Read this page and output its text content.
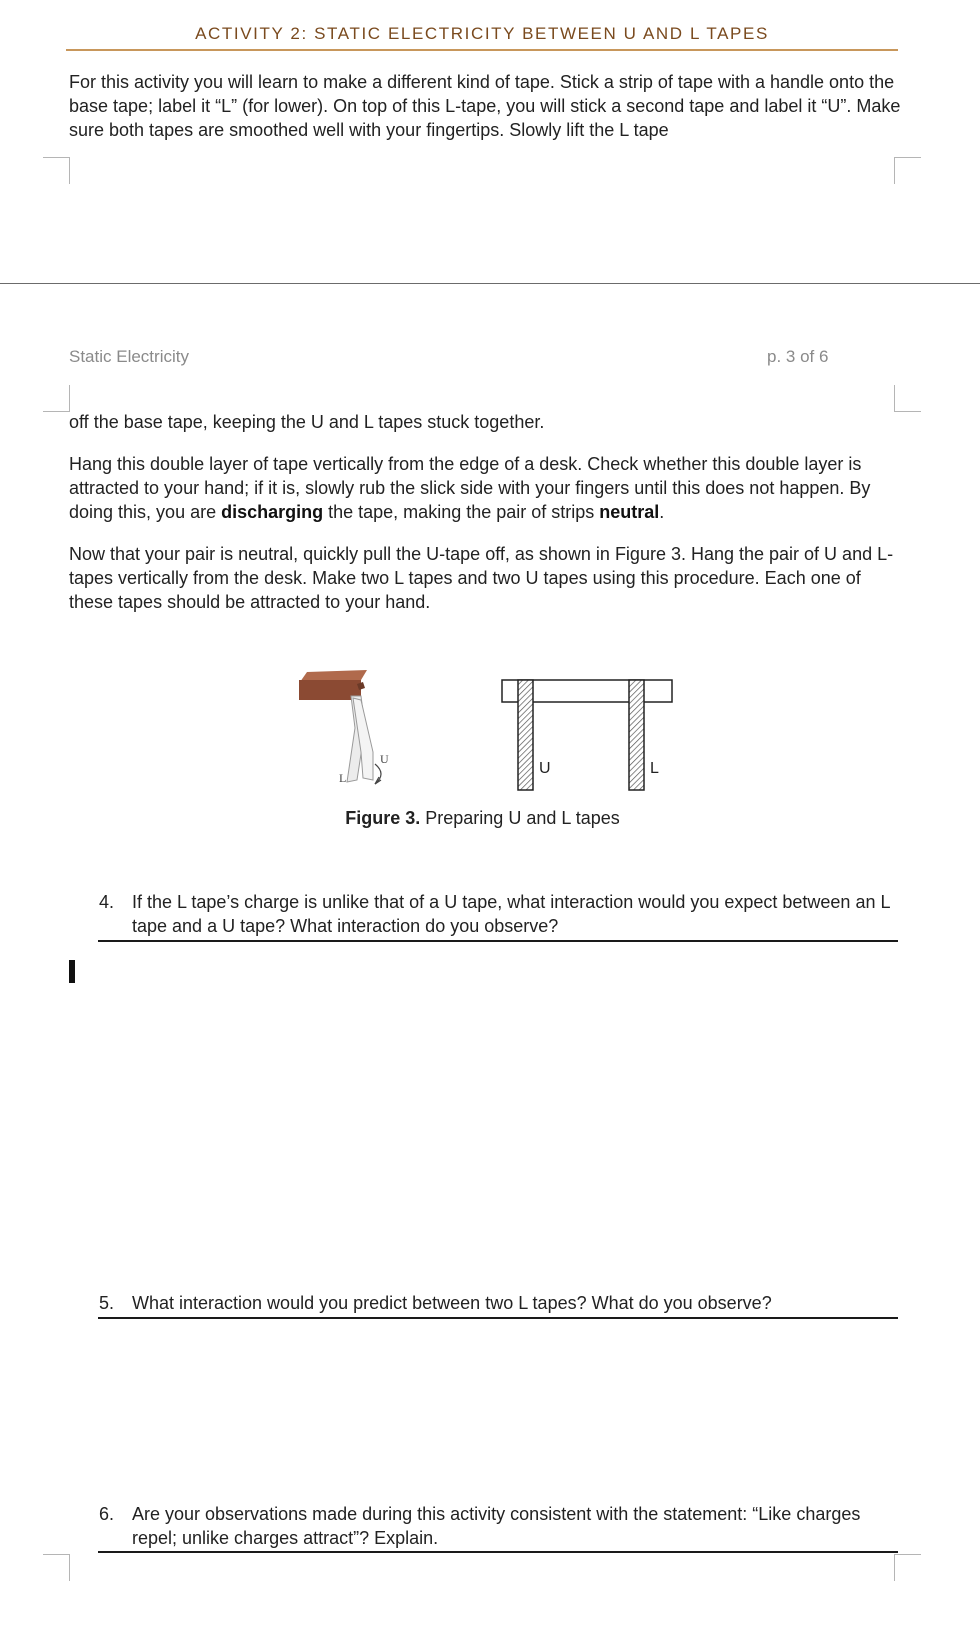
ACTIVITY 2: STATIC ELECTRICITY BETWEEN U AND L TAPES

For this activity you will learn to make a different kind of tape. Stick a strip of tape with a handle onto the base tape; label it “L” (for lower). On top of this L-tape, you will stick a second tape and label it “U”. Make sure both tapes are smoothed well with your fingertips. Slowly lift the L tape

Static Electricity	p. 3 of 6

off the base tape, keeping the U and L tapes stuck together.

Hang this double layer of tape vertically from the edge of a desk. Check whether this double layer is attracted to your hand; if it is, slowly rub the slick side with your fingers until this does not happen. By doing this, you are discharging the tape, making the pair of strips neutral.

Now that your pair is neutral, quickly pull the U-tape off, as shown in Figure 3. Hang the pair of U and L-tapes vertically from the desk. Make two L tapes and two U tapes using this procedure. Each one of these tapes should be attracted to your hand.

L
U
U	L
Figure 3. Preparing U and L tapes
4. If the L tape’s charge is unlike that of a U tape, what interaction would you expect between an L tape and a U tape? What interaction do you observe?
5. What interaction would you predict between two L tapes? What do you observe?
6. Are your observations made during this activity consistent with the statement: “Like charges repel; unlike charges attract”? Explain.
